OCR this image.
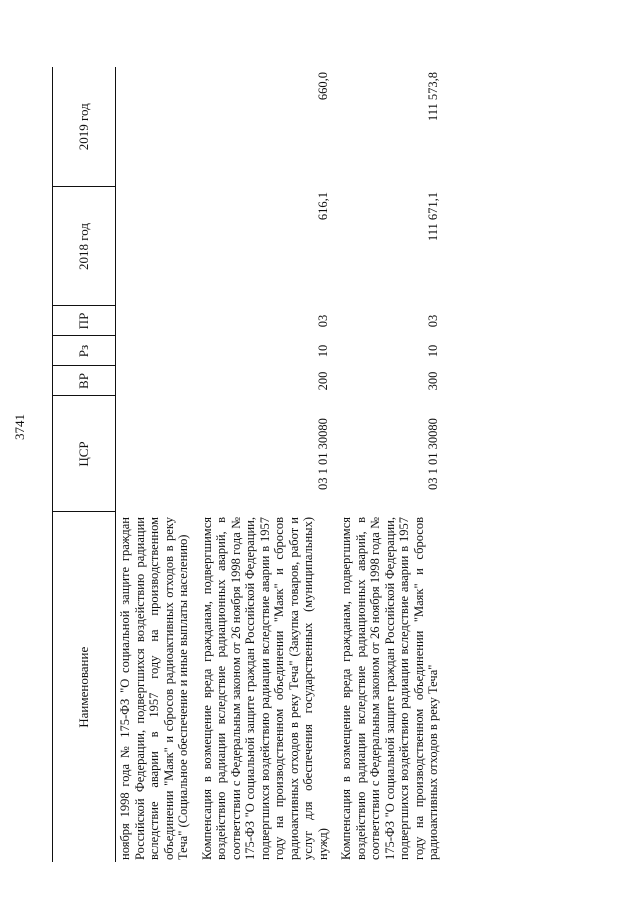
3741
Наименование	ЦСР	ВР	Рз	ПР	2018 год	2019 год
ноября 1998 года № 175-ФЗ "О социальной защите граждан Российской Федерации, подвергшихся воздействию радиации вследствие аварии в 1957 году на производственном объединении "Маяк" и сбросов радиоактивных отходов в реку Теча" (Социальное обеспечение и иные выплаты населению)						
Компенсация в возмещение вреда гражданам, подвергшимся воздействию радиации вследствие радиационных аварий, в соответствии с Федеральным законом от 26 ноября 1998 года № 175-ФЗ "О социальной защите граждан Российской Федерации, подвергшихся воздействию радиации вследствие аварии в 1957 году на производственном объединении "Маяк" и сбросов радиоактивных отходов в реку Теча" (Закупка товаров, работ и услуг для обеспечения государственных (муниципальных) нужд)	03 1 01 30080	200	10	03	616,1	660,0
Компенсация в возмещение вреда гражданам, подвергшимся воздействию радиации вследствие радиационных аварий, в соответствии с Федеральным законом от 26 ноября 1998 года № 175-ФЗ "О социальной защите граждан Российской Федерации, подвергшихся воздействию радиации вследствие аварии в 1957 году на производственном объединении "Маяк" и сбросов радиоактивных отходов в реку Теча"	03 1 01 30080	300	10	03	111 671,1	111 573,8
